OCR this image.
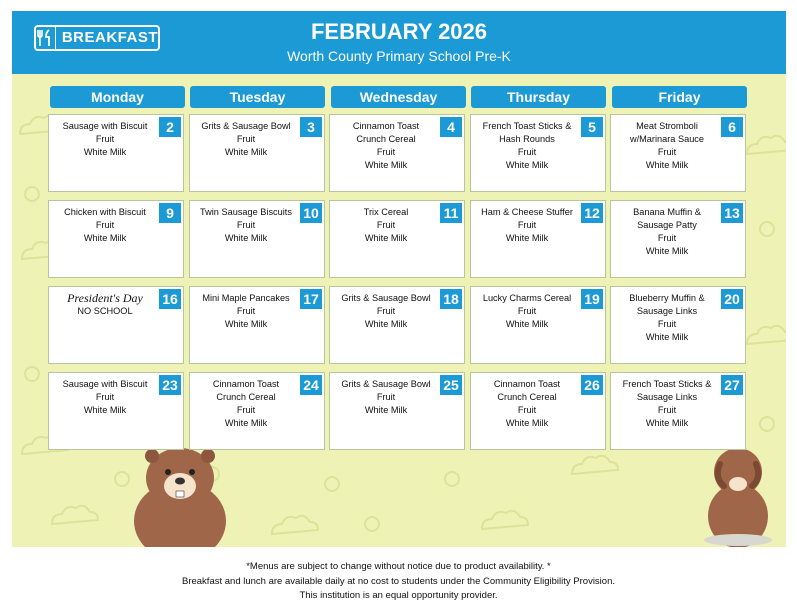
BREAKFAST	FEBRUARY 2026
Worth County Primary School Pre-K
Monday	Tuesday	Wednesday	Thursday	Friday
2
Sausage with Biscuit
Fruit
White Milk
3
Grits & Sausage Bowl
Fruit
White Milk
4
Cinnamon Toast
Crunch Cereal
Fruit
White Milk
5
French Toast Sticks &
Hash Rounds
Fruit
White Milk
6
Meat Stromboli
w/Marinara Sauce
Fruit
White Milk
9
Chicken with Biscuit
Fruit
White Milk
10
Twin Sausage Biscuits
Fruit
White Milk
11
Trix Cereal
Fruit
White Milk
12
Ham & Cheese Stuffer
Fruit
White Milk
13
Banana Muffin &
Sausage Patty
Fruit
White Milk
16
President's Day
NO SCHOOL
17
Mini Maple Pancakes
Fruit
White Milk
18
Grits & Sausage Bowl
Fruit
White Milk
19
Lucky Charms Cereal
Fruit
White Milk
20
Blueberry Muffin &
Sausage Links
Fruit
White Milk
23
Sausage with Biscuit
Fruit
White Milk
24
Cinnamon Toast
Crunch Cereal
Fruit
White Milk
25
Grits & Sausage Bowl
Fruit
White Milk
26
Cinnamon Toast
Crunch Cereal
Fruit
White Milk
27
French Toast Sticks &
Sausage Links
Fruit
White Milk
*Menus are subject to change without notice due to product availability. *
Breakfast and lunch are available daily at no cost to students under the Community Eligibility Provision.
This institution is an equal opportunity provider.
